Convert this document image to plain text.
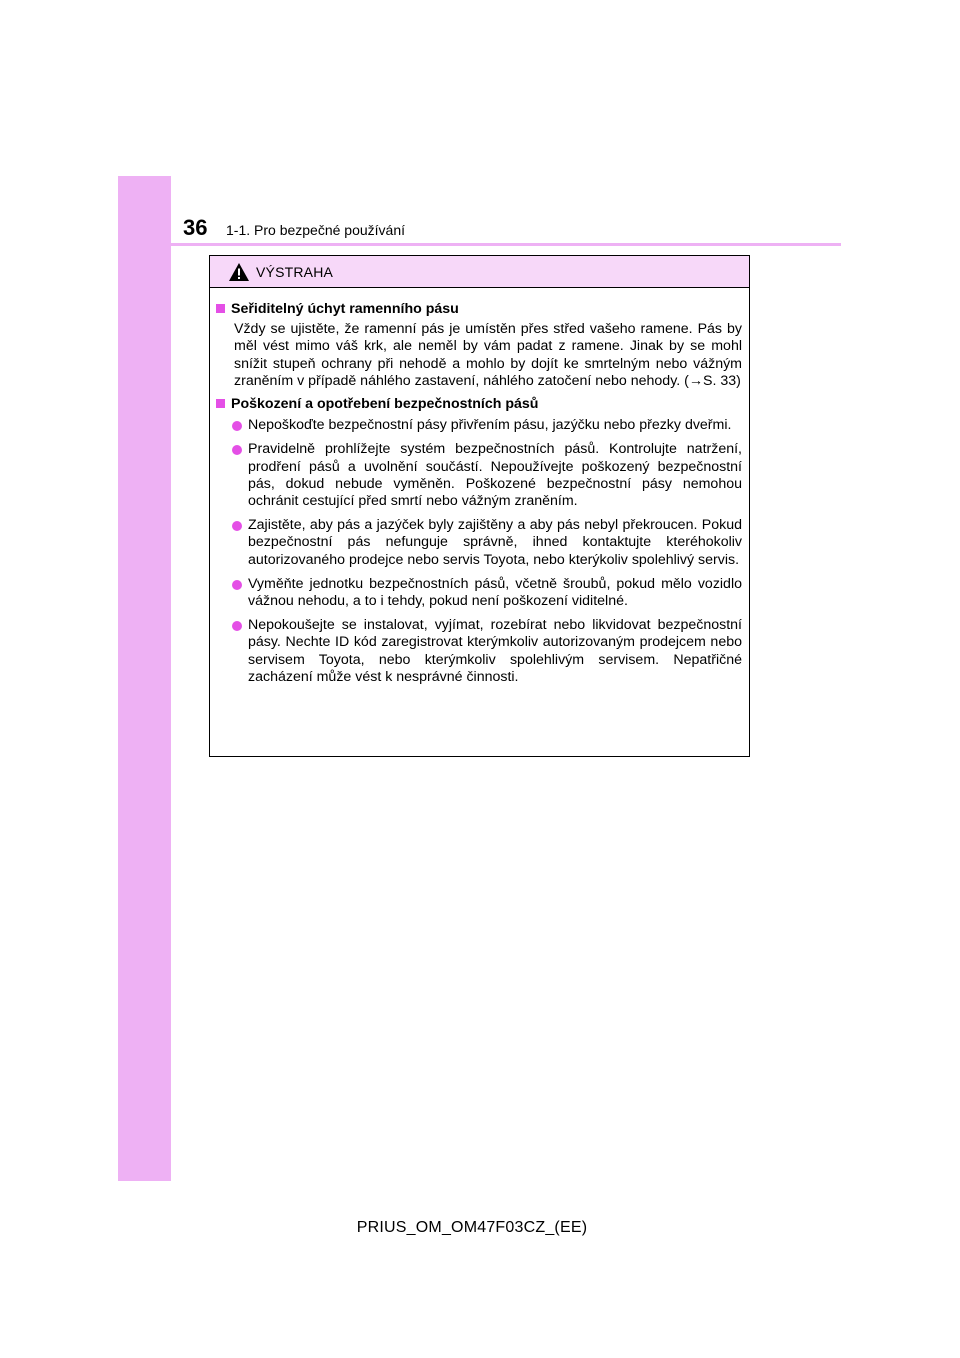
36 1-1. Pro bezpečné používání
VÝSTRAHA
Seřiditelný úchyt ramenního pásu
Vždy se ujistěte, že ramenní pás je umístěn přes střed vašeho ramene. Pás by měl vést mimo váš krk, ale neměl by vám padat z ramene. Jinak by se mohl snížit stupeň ochrany při nehodě a mohlo by dojít ke smrtelným nebo vážným zraněním v případě náhlého zastavení, náhlého zatočení nebo nehody. (→S. 33)
Poškození a opotřebení bezpečnostních pásů
Nepoškoďte bezpečnostní pásy přivřením pásu, jazýčku nebo přezky dveřmi.
Pravidelně prohlížejte systém bezpečnostních pásů. Kontrolujte natržení, prodření pásů a uvolnění součástí. Nepoužívejte poškozený bezpečnostní pás, dokud nebude vyměněn. Poškozené bezpečnostní pásy nemohou ochránit cestující před smrtí nebo vážným zraněním.
Zajistěte, aby pás a jazýček byly zajištěny a aby pás nebyl překroucen. Pokud bezpečnostní pás nefunguje správně, ihned kontaktujte kteréhokoliv autorizovaného prodejce nebo servis Toyota, nebo kterýkoliv spolehlivý servis.
Vyměňte jednotku bezpečnostních pásů, včetně šroubů, pokud mělo vozidlo vážnou nehodu, a to i tehdy, pokud není poškození viditelné.
Nepokoušejte se instalovat, vyjímat, rozebírat nebo likvidovat bezpečnostní pásy. Nechte ID kód zaregistrovat kterýmkoliv autorizovaným prodejcem nebo servisem Toyota, nebo kterýmkoliv spolehlivým servisem. Nepatřičné zacházení může vést k nesprávné činnosti.
PRIUS_OM_OM47F03CZ_(EE)
